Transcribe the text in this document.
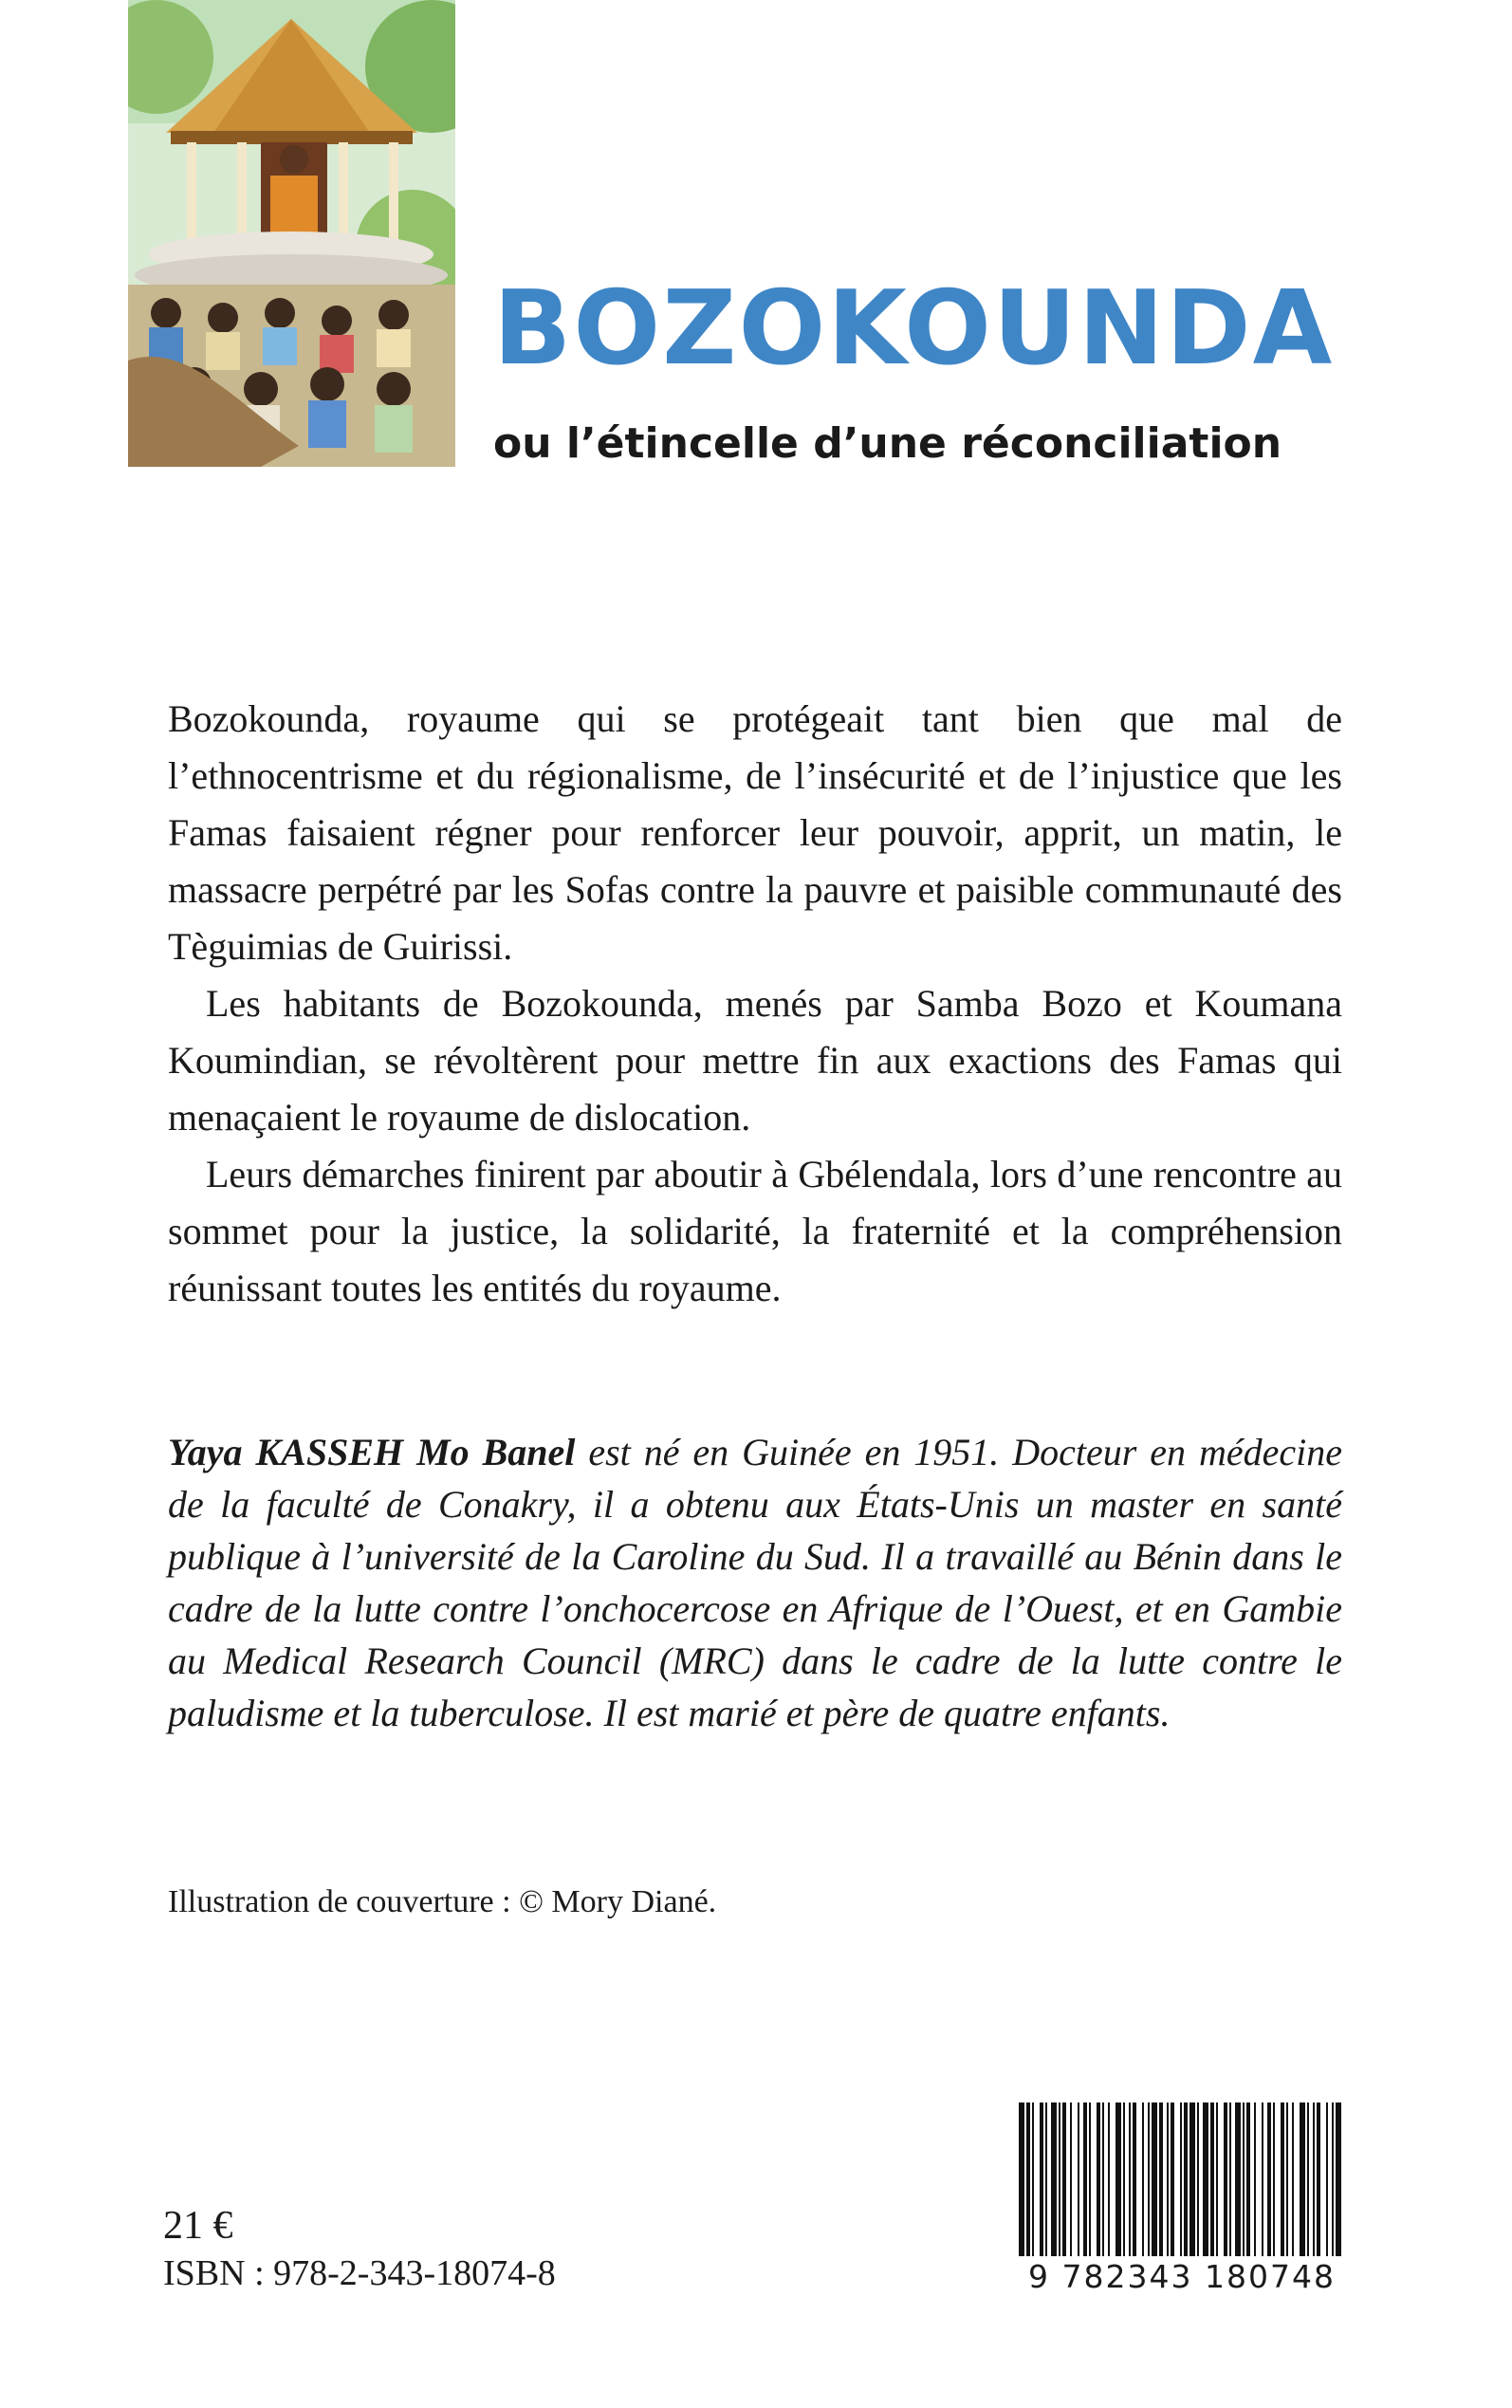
BOZOKOUNDA
ou l’étincelle d’une réconciliation

Bozokounda, royaume qui se protégeait tant bien que mal de l’ethnocentrisme et du régionalisme, de l’insécurité et de l’injustice que les Famas faisaient régner pour renforcer leur pouvoir, apprit, un matin, le massacre perpétré par les Sofas contre la pauvre et paisible communauté des Tèguimias de Guirissi.

Les habitants de Bozokounda, menés par Samba Bozo et Koumana Koumindian, se révoltèrent pour mettre fin aux exactions des Famas qui menaçaient le royaume de dislocation.

Leurs démarches finirent par aboutir à Gbélendala, lors d’une rencontre au sommet pour la justice, la solidarité, la fraternité et la compréhension réunissant toutes les entités du royaume.

Yaya KASSEH Mo Banel est né en Guinée en 1951. Docteur en médecine de la faculté de Conakry, il a obtenu aux États-Unis un master en santé publique à l’université de la Caroline du Sud. Il a travaillé au Bénin dans le cadre de la lutte contre l’onchocercose en Afrique de l’Ouest, et en Gambie au Medical Research Council (MRC) dans le cadre de la lutte contre le paludisme et la tuberculose. Il est marié et père de quatre enfants.
Illustration de couverture : © Mory Diané.
21 €
ISBN : 978-2-343-18074-8	9 782343 180748
